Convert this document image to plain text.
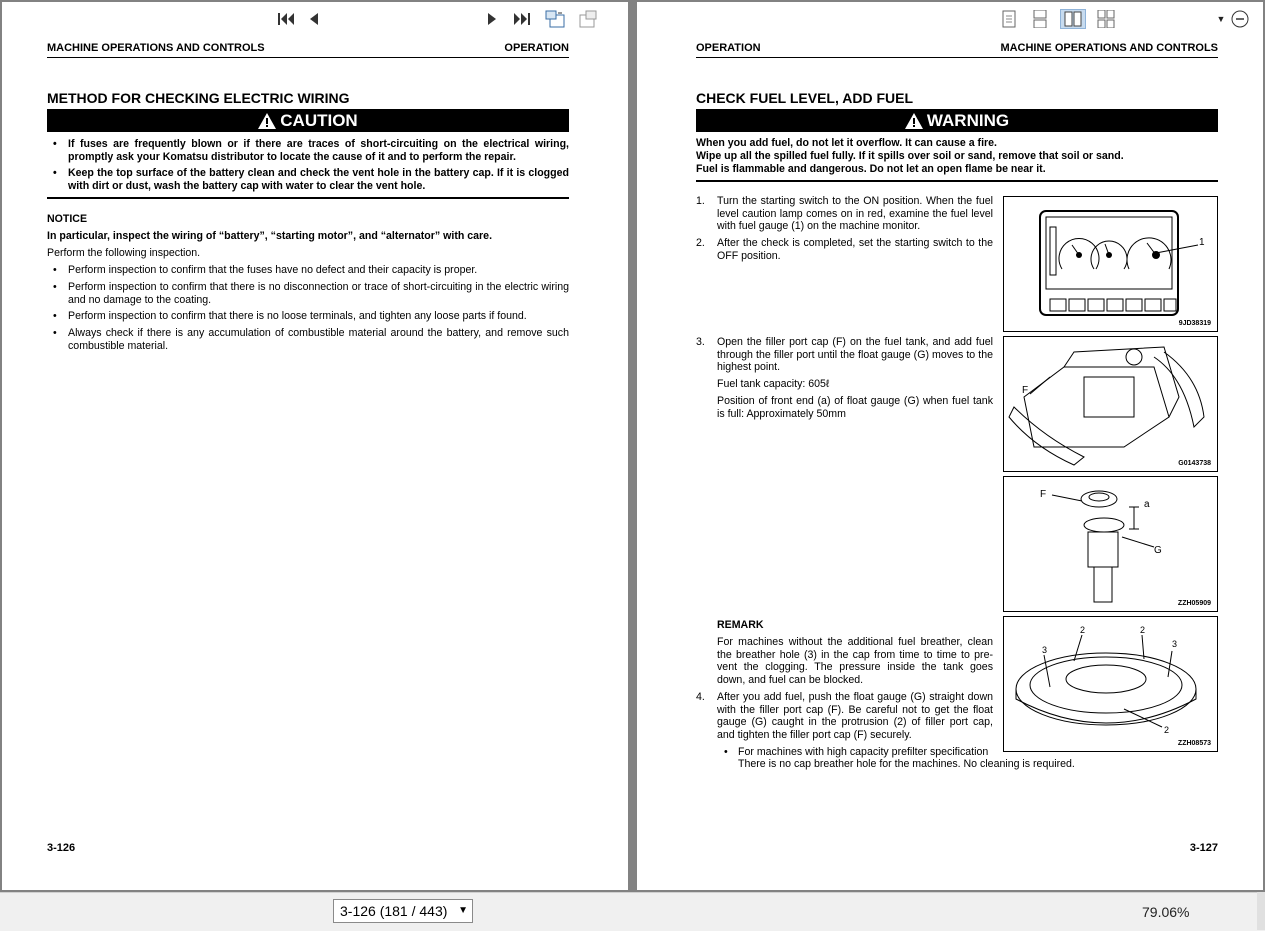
MACHINE OPERATIONS AND CONTROLS	OPERATION
METHOD FOR CHECKING ELECTRIC WIRING
CAUTION
• If fuses are frequently blown or if there are traces of short-circuiting on the electrical wiring, promptly ask your Komatsu distributor to locate the cause of it and to perform the repair.
• Keep the top surface of the battery clean and check the vent hole in the battery cap. If it is clogged with dirt or dust, wash the battery cap with water to clear the vent hole.
NOTICE
In particular, inspect the wiring of “battery”, “starting motor”, and “alternator” with care.
Perform the following inspection.
• Perform inspection to confirm that the fuses have no defect and their capacity is proper.
• Perform inspection to confirm that there is no disconnection or trace of short-circuiting in the electric wiring and no damage to the coating.
• Perform inspection to confirm that there is no loose terminals, and tighten any loose parts if found.
• Always check if there is any accumulation of combustible material around the battery, and remove such combustible material.
3-126
OPERATION	MACHINE OPERATIONS AND CONTROLS
CHECK FUEL LEVEL, ADD FUEL
WARNING
When you add fuel, do not let it overflow. It can cause a fire.
Wipe up all the spilled fuel fully. If it spills over soil or sand, remove that soil or sand.
Fuel is flammable and dangerous. Do not let an open flame be near it.
1. Turn the starting switch to the ON position. When the fuel level caution lamp comes on in red, examine the fuel level with fuel gauge (1) on the machine monitor.
2. After the check is completed, set the starting switch to the OFF position.
3. Open the filler port cap (F) on the fuel tank, and add fuel through the filler port until the float gauge (G) moves to the highest point.
Fuel tank capacity: 605ℓ
Position of front end (a) of float gauge (G) when fuel tank is full: Approximately 50mm
REMARK
For machines without the additional fuel breather, clean the breather hole (3) in the cap from time to time to pre-vent the clogging. The pressure inside the tank goes down, and fuel can be blocked.
4. After you add fuel, push the float gauge (G) straight down with the filler port cap (F). Be careful not to get the float gauge (G) caught in the protrusion (2) of filler port cap, and tighten the filler port cap (F) securely.
• For machines with high capacity prefilter specification
There is no cap breather hole for the machines. No cleaning is required.
1
9JD38319
F
G0143738
F
a
G
ZZH05909
2	2
3
3
2
ZZH08573
3-127
3-126 (181 / 443) ▼	79.06%
▼
